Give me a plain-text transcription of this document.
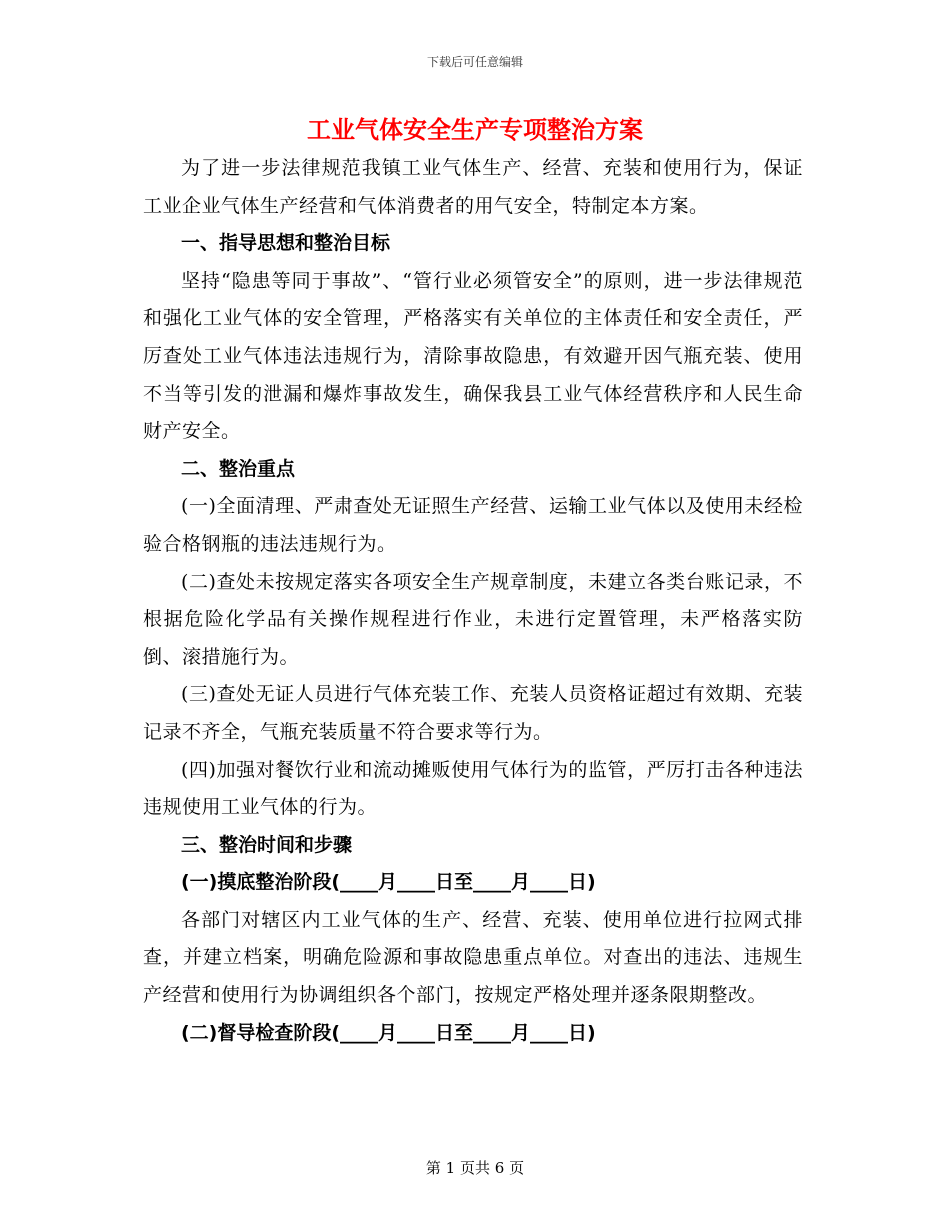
下载后可任意编辑
工业气体安全生产专项整治方案

为了进一步法律规范我镇工业气体生产、经营、充装和使用行为，保证工业企业气体生产经营和气体消费者的用气安全，特制定本方案。

一、指导思想和整治目标

坚持“隐患等同于事故”、“管行业必须管安全”的原则，进一步法律规范和强化工业气体的安全管理，严格落实有关单位的主体责任和安全责任，严厉查处工业气体违法违规行为，清除事故隐患，有效避开因气瓶充装、使用不当等引发的泄漏和爆炸事故发生，确保我县工业气体经营秩序和人民生命财产安全。

二、整治重点

(一)全面清理、严肃查处无证照生产经营、运输工业气体以及使用未经检验合格钢瓶的违法违规行为。

(二)查处未按规定落实各项安全生产规章制度，未建立各类台账记录，不根据危险化学品有关操作规程进行作业，未进行定置管理，未严格落实防倒、滚措施行为。

(三)查处无证人员进行气体充装工作、充装人员资格证超过有效期、充装记录不齐全，气瓶充装质量不符合要求等行为。

(四)加强对餐饮行业和流动摊贩使用气体行为的监管，严厉打击各种违法违规使用工业气体的行为。

三、整治时间和步骤

(一)摸底整治阶段(____月____日至____月____日)

各部门对辖区内工业气体的生产、经营、充装、使用单位进行拉网式排查，并建立档案，明确危险源和事故隐患重点单位。对查出的违法、违规生产经营和使用行为协调组织各个部门，按规定严格处理并逐条限期整改。

(二)督导检查阶段(____月____日至____月____日)

第 1 页共 6 页
